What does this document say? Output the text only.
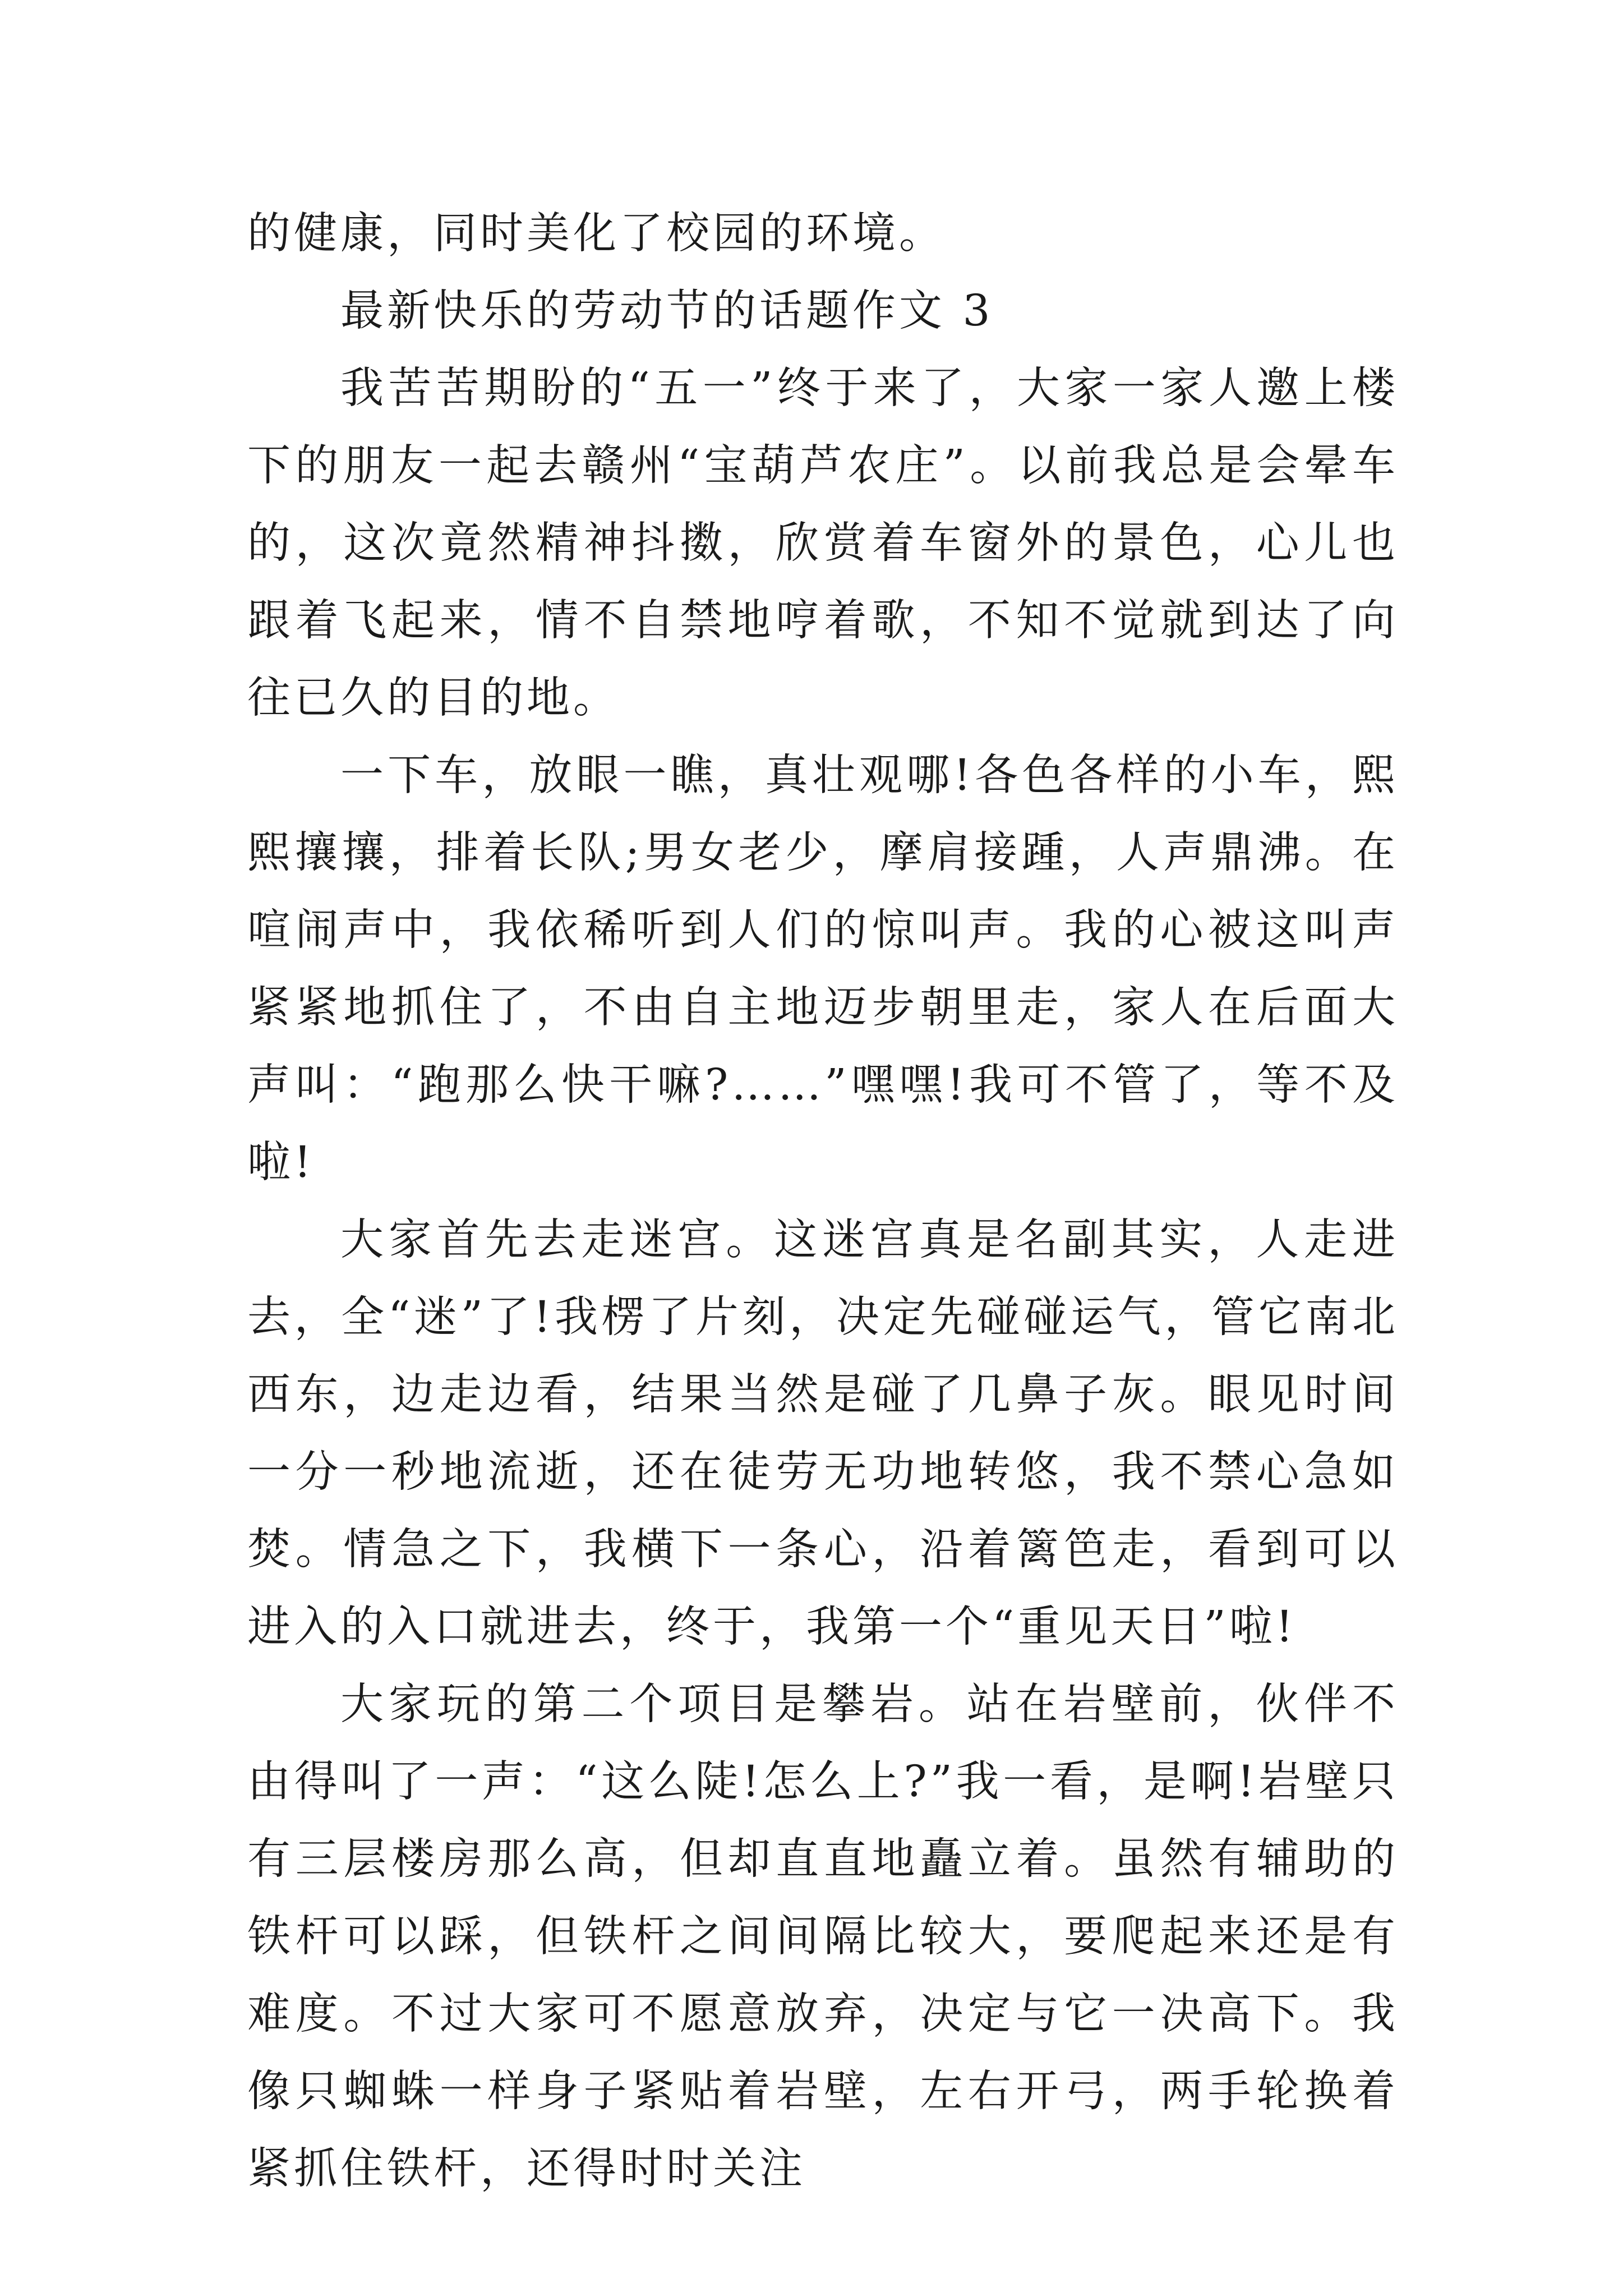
的健康，同时美化了校园的环境。

最新快乐的劳动节的话题作文 3

我苦苦期盼的“五一”终于来了，大家一家人邀上楼下的朋友一起去赣州“宝葫芦农庄”。以前我总是会晕车的，这次竟然精神抖擞，欣赏着车窗外的景色，心儿也跟着飞起来，情不自禁地哼着歌，不知不觉就到达了向往已久的目的地。

一下车，放眼一瞧，真壮观哪!各色各样的小车，熙熙攘攘，排着长队;男女老少，摩肩接踵，人声鼎沸。在喧闹声中，我依稀听到人们的惊叫声。我的心被这叫声紧紧地抓住了，不由自主地迈步朝里走，家人在后面大声叫：“跑那么快干嘛?……”嘿嘿!我可不管了，等不及啦!

大家首先去走迷宫。这迷宫真是名副其实，人走进去，全“迷”了!我楞了片刻，决定先碰碰运气，管它南北西东，边走边看，结果当然是碰了几鼻子灰。眼见时间一分一秒地流逝，还在徒劳无功地转悠，我不禁心急如焚。情急之下，我横下一条心，沿着篱笆走，看到可以进入的入口就进去，终于，我第一个“重见天日”啦!

大家玩的第二个项目是攀岩。站在岩壁前，伙伴不由得叫了一声：“这么陡!怎么上?”我一看，是啊!岩壁只有三层楼房那么高，但却直直地矗立着。虽然有辅助的铁杆可以踩，但铁杆之间间隔比较大，要爬起来还是有难度。不过大家可不愿意放弃，决定与它一决高下。我像只蜘蛛一样身子紧贴着岩壁，左右开弓，两手轮换着紧抓住铁杆，还得时时关注
